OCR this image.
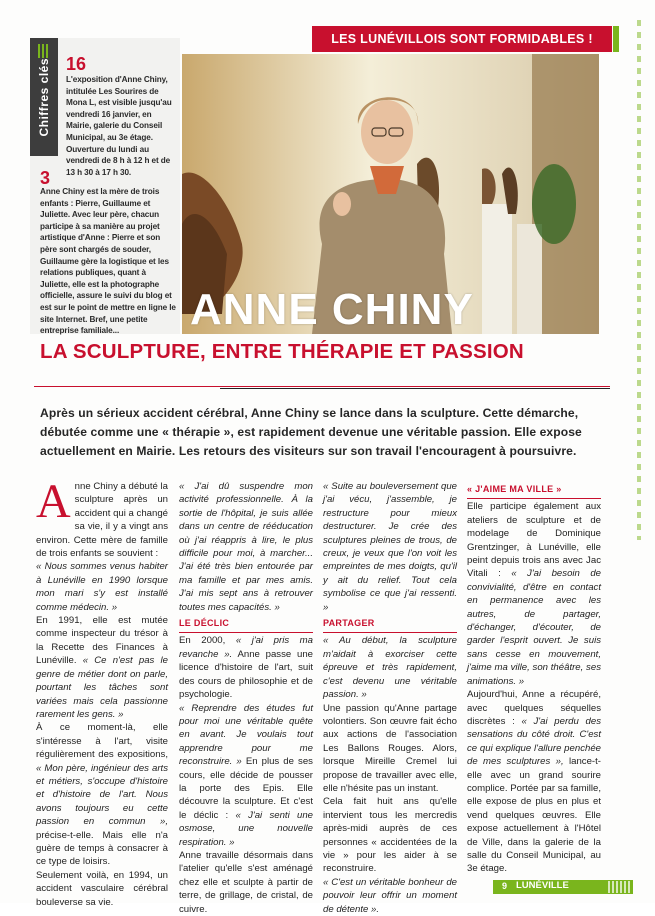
LES LUNÉVILLOIS SONT FORMIDABLES !
Chiffres clés 16
L'exposition d'Anne Chiny, intitulée Les Sourires de Mona L, est visible jusqu'au vendredi 16 janvier, en Mairie, galerie du Conseil Municipal, au 3e étage. Ouverture du lundi au vendredi de 8 h à 12 h et de 13 h 30 à 17 h 30.
3
Anne Chiny est la mère de trois enfants : Pierre, Guillaume et Juliette. Avec leur père, chacun participe à sa manière au projet artistique d'Anne : Pierre et son père sont chargés de souder, Guillaume gère la logistique et les relations publiques, quant à Juliette, elle est la photographe officielle, assure le suivi du blog et est sur le point de mettre en ligne le site Internet. Bref, une petite entreprise familiale...	ANNE CHINY
LA SCULPTURE, ENTRE THÉRAPIE ET PASSION
Après un sérieux accident cérébral, Anne Chiny se lance dans la sculpture. Cette démarche, débutée comme une « thérapie », est rapidement devenue une véritable passion. Elle expose actuellement en Mairie. Les retours des visiteurs sur son travail l'encouragent à poursuivre.

Anne Chiny a débuté la sculpture après un accident qui a changé sa vie, il y a vingt ans environ. Cette mère de famille de trois enfants se souvient :

« Nous sommes venus habiter à Lunéville en 1990 lorsque mon mari s'y est installé comme médecin. »

En 1991, elle est mutée comme inspecteur du trésor à la Recette des Finances à Lunéville. « Ce n'est pas le genre de métier dont on parle, pourtant les tâches sont variées mais cela passionne rarement les gens. »

À ce moment-là, elle s'intéresse à l'art, visite régulièrement des expositions, « Mon père, ingénieur des arts et métiers, s'occupe d'histoire et d'histoire de l'art. Nous avons toujours eu cette passion en commun », précise-t-elle. Mais elle n'a guère de temps à consacrer à ce type de loisirs.

Seulement voilà, en 1994, un accident vasculaire cérébral bouleverse sa vie.

« J'ai dû suspendre mon activité professionnelle. À la sortie de l'hôpital, je suis allée dans un centre de rééducation où j'ai réappris à lire, le plus difficile pour moi, à marcher... J'ai été très bien entourée par ma famille et par mes amis. J'ai mis sept ans à retrouver toutes mes capacités. »

LE DÉCLIC

En 2000, « j'ai pris ma revanche ». Anne passe une licence d'histoire de l'art, suit des cours de philosophie et de psychologie.

« Reprendre des études fut pour moi une véritable quête en avant. Je voulais tout apprendre pour me reconstruire. » En plus de ses cours, elle décide de pousser la porte des Epis. Elle découvre la sculpture. Et c'est le déclic : « J'ai senti une osmose, une nouvelle respiration. »

Anne travaille désormais dans l'atelier qu'elle s'est aménagé chez elle et sculpte à partir de terre, de grillage, de cristal, de cuivre.

« Suite au bouleversement que j'ai vécu, j'assemble, je restructure pour mieux destructurer. Je crée des sculptures pleines de trous, de creux, je veux que l'on voit les empreintes de mes doigts, qu'il y ait du relief. Tout cela symbolise ce que j'ai ressenti. »

PARTAGER

« Au début, la sculpture m'aidait à exorciser cette épreuve et très rapidement, c'est devenu une véritable passion. »

Une passion qu'Anne partage volontiers. Son œuvre fait écho aux actions de l'association Les Ballons Rouges. Alors, lorsque Mireille Cremel lui propose de travailler avec elle, elle n'hésite pas un instant.

Cela fait huit ans qu'elle intervient tous les mercredis après-midi auprès de ces personnes « accidentées de la vie » pour les aider à se reconstruire.

« C'est un véritable bonheur de pouvoir leur offrir un moment de détente ».

« J'AIME MA VILLE »

Elle participe également aux ateliers de sculpture et de modelage de Dominique Grentzinger, à Lunéville, elle peint depuis trois ans avec Jac Vitali : « J'ai besoin de convivialité, d'être en contact en permanence avec les autres, de partager, d'échanger, d'écouter, de garder l'esprit ouvert. Je suis sans cesse en mouvement, j'aime ma ville, son théâtre, ses animations. »

Aujourd'hui, Anne a récupéré, avec quelques séquelles discrètes : « J'ai perdu des sensations du côté droit. C'est ce qui explique l'allure penchée de mes sculptures », lance-t-elle avec un grand sourire complice. Portée par sa famille, elle expose de plus en plus et vend quelques œuvres. Elle expose actuellement à l'Hôtel de Ville, dans la galerie de la salle du Conseil Municipal, au 3e étage.

9 LUNÉVILLE
